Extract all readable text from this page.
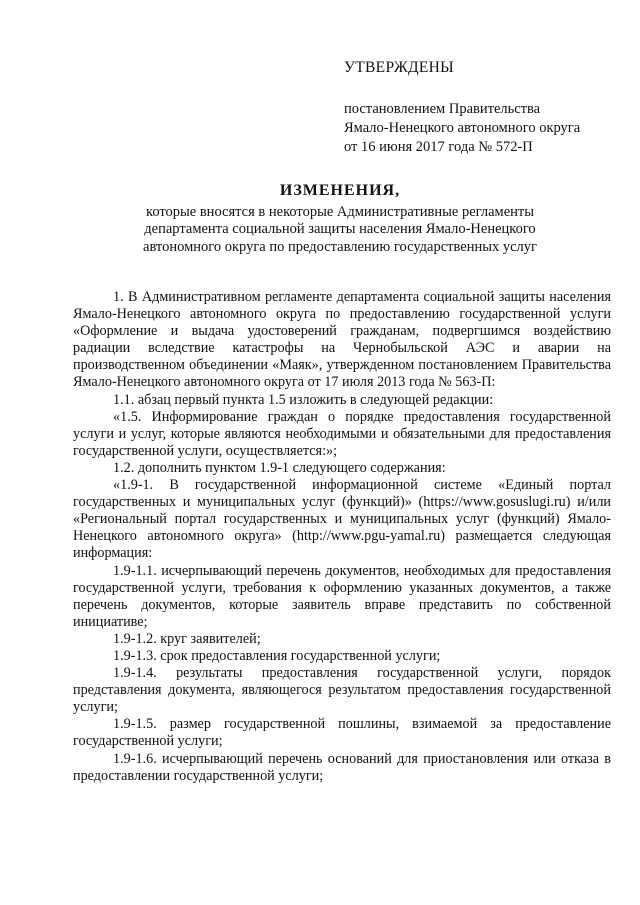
УТВЕРЖДЕНЫ
постановлением Правительства
Ямало-Ненецкого автономного округа
от 16 июня 2017 года № 572-П
ИЗМЕНЕНИЯ,
которые вносятся в некоторые Административные регламенты
департамента социальной защиты населения Ямало-Ненецкого
автономного округа по предоставлению государственных услуг

1. В Административном регламенте департамента социальной защиты населения Ямало-Ненецкого автономного округа по предоставлению государственной услуги «Оформление и выдача удостоверений гражданам, подвергшимся воздействию радиации вследствие катастрофы на Чернобыльской АЭС и аварии на производственном объединении «Маяк», утвержденном постановлением Правительства Ямало-Ненецкого автономного округа от 17 июля 2013 года № 563-П:

1.1. абзац первый пункта 1.5 изложить в следующей редакции:

«1.5. Информирование граждан о порядке предоставления государственной услуги и услуг, которые являются необходимыми и обязательными для предоставления государственной услуги, осуществляется:»;

1.2. дополнить пунктом 1.9-1 следующего содержания:

«1.9-1. В государственной информационной системе «Единый портал государственных и муниципальных услуг (функций)» (https://www.gosuslugi.ru) и/или «Региональный портал государственных и муниципальных услуг (функций) Ямало-Ненецкого автономного округа» (http://www.pgu-yamal.ru) размещается следующая информация:

1.9-1.1. исчерпывающий перечень документов, необходимых для предоставления государственной услуги, требования к оформлению указанных документов, а также перечень документов, которые заявитель вправе представить по собственной инициативе;

1.9-1.2. круг заявителей;

1.9-1.3. срок предоставления государственной услуги;

1.9-1.4. результаты предоставления государственной услуги, порядок представления документа, являющегося результатом предоставления государственной услуги;

1.9-1.5. размер государственной пошлины, взимаемой за предоставление государственной услуги;

1.9-1.6. исчерпывающий перечень оснований для приостановления или отказа в предоставлении государственной услуги;
